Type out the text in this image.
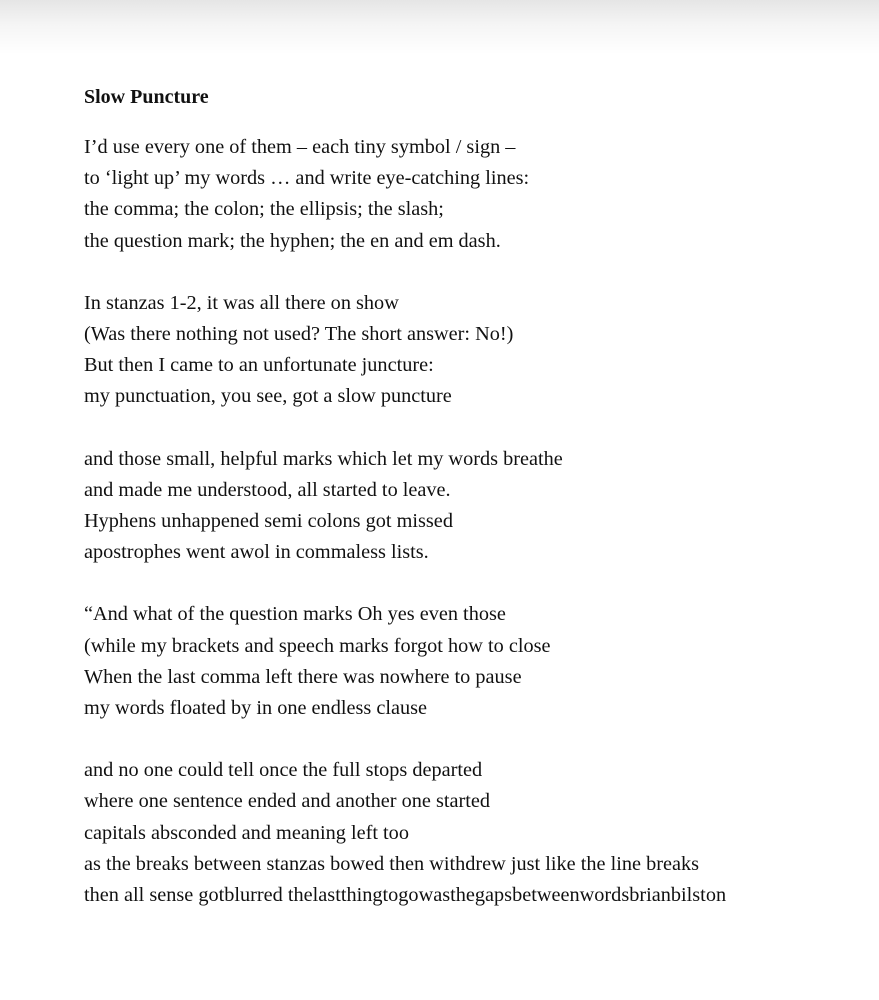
Slow Puncture
I’d use every one of them – each tiny symbol / sign –
to ‘light up’ my words … and write eye-catching lines:
the comma; the colon; the ellipsis; the slash;
the question mark; the hyphen; the en and em dash.
In stanzas 1-2, it was all there on show
(Was there nothing not used? The short answer: No!)
But then I came to an unfortunate juncture:
my punctuation, you see, got a slow puncture
and those small, helpful marks which let my words breathe
and made me understood, all started to leave.
Hyphens unhappened semi colons got missed
apostrophes went awol in commaless lists.
“And what of the question marks Oh yes even those
(while my brackets and speech marks forgot how to close
When the last comma left there was nowhere to pause
my words floated by in one endless clause
and no one could tell once the full stops departed
where one sentence ended and another one started
capitals absconded and meaning left too
as the breaks between stanzas bowed then withdrew just like the line breaks
then all sense gotblurred thelastthingtogowasthegapsbetweenwordsbrianbilston
